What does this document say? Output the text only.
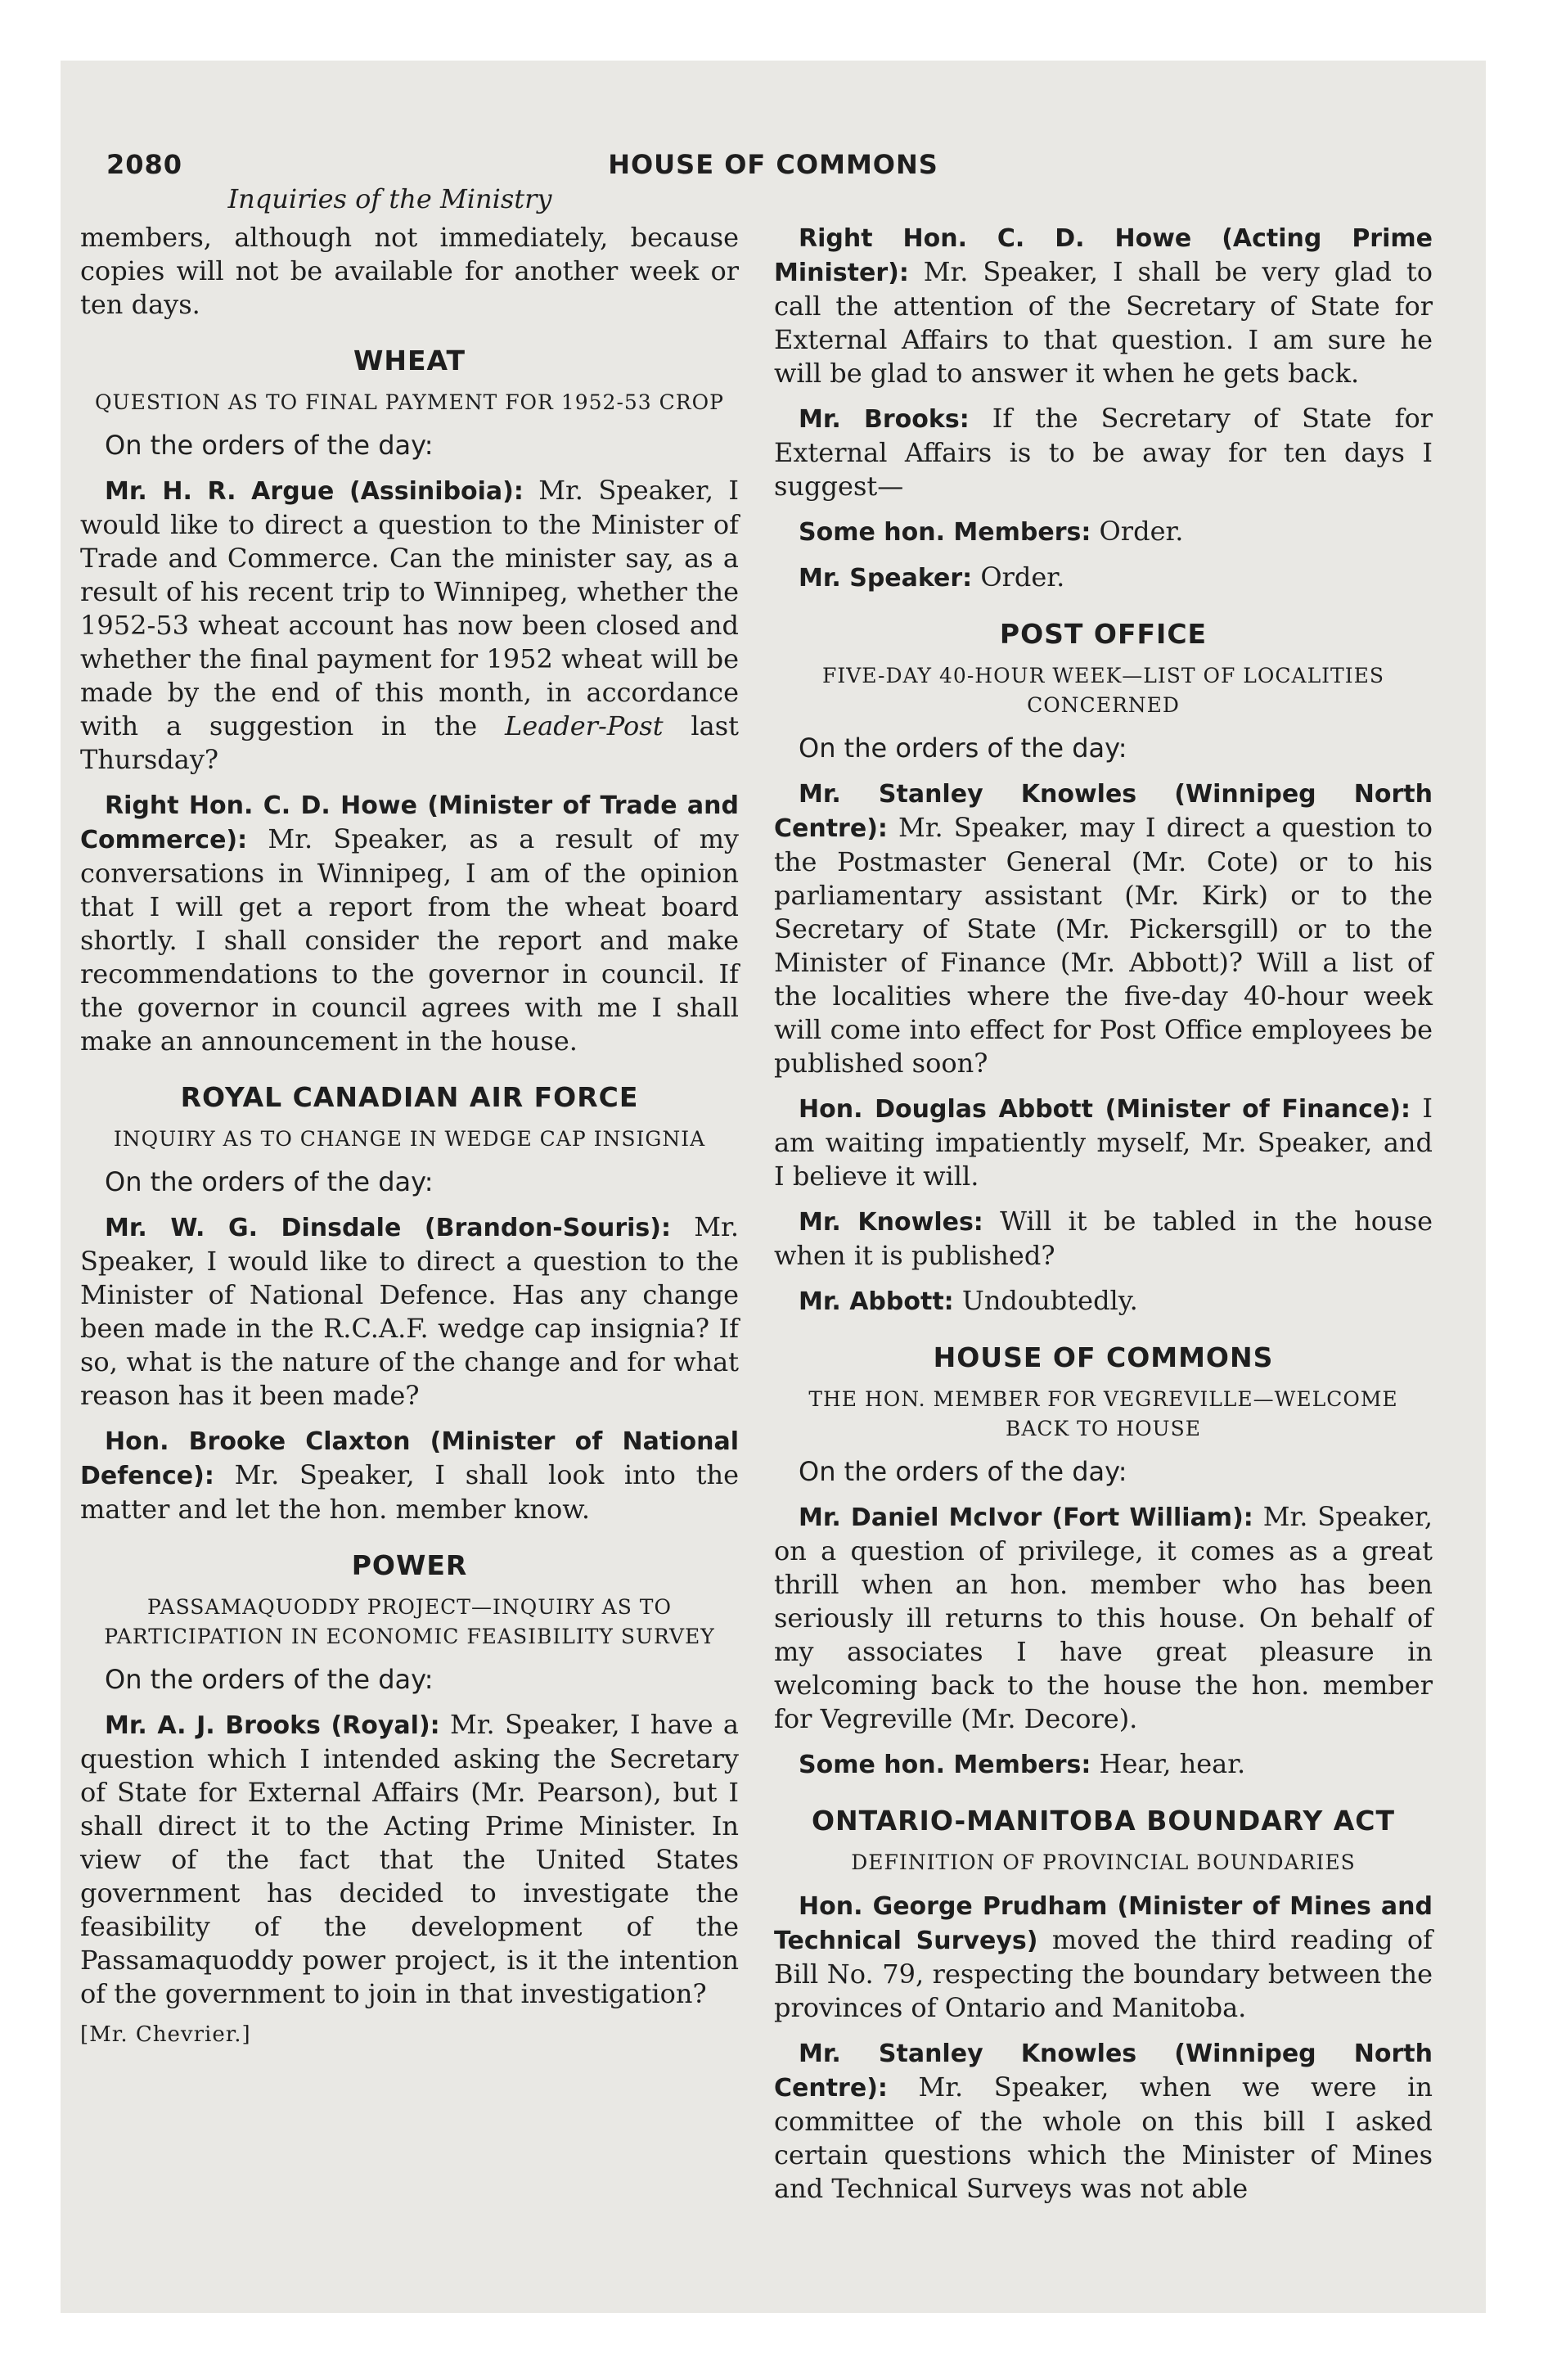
2080	HOUSE OF COMMONS
Inquiries of the Ministry

members, although not immediately, because copies will not be available for another week or ten days.

WHEAT
QUESTION AS TO FINAL PAYMENT FOR 1952-53 CROP
On the orders of the day:

Mr. H. R. Argue (Assiniboia): Mr. Speaker, I would like to direct a question to the Minister of Trade and Commerce. Can the minister say, as a result of his recent trip to Winnipeg, whether the 1952-53 wheat account has now been closed and whether the final payment for 1952 wheat will be made by the end of this month, in accordance with a suggestion in the Leader-Post last Thursday?

Right Hon. C. D. Howe (Minister of Trade and Commerce): Mr. Speaker, as a result of my conversations in Winnipeg, I am of the opinion that I will get a report from the wheat board shortly. I shall consider the report and make recommendations to the governor in council. If the governor in council agrees with me I shall make an announcement in the house.

ROYAL CANADIAN AIR FORCE
INQUIRY AS TO CHANGE IN WEDGE CAP INSIGNIA
On the orders of the day:

Mr. W. G. Dinsdale (Brandon-Souris): Mr. Speaker, I would like to direct a question to the Minister of National Defence. Has any change been made in the R.C.A.F. wedge cap insignia? If so, what is the nature of the change and for what reason has it been made?

Hon. Brooke Claxton (Minister of National Defence): Mr. Speaker, I shall look into the matter and let the hon. member know.

POWER
PASSAMAQUODDY PROJECT—INQUIRY AS TO PARTICIPATION IN ECONOMIC FEASIBILITY SURVEY
On the orders of the day:

Mr. A. J. Brooks (Royal): Mr. Speaker, I have a question which I intended asking the Secretary of State for External Affairs (Mr. Pearson), but I shall direct it to the Acting Prime Minister. In view of the fact that the United States government has decided to investigate the feasibility of the development of the Passamaquoddy power project, is it the intention of the government to join in that investigation?

[Mr. Chevrier.]

Right Hon. C. D. Howe (Acting Prime Minister): Mr. Speaker, I shall be very glad to call the attention of the Secretary of State for External Affairs to that question. I am sure he will be glad to answer it when he gets back.

Mr. Brooks: If the Secretary of State for External Affairs is to be away for ten days I suggest—

Some hon. Members: Order.

Mr. Speaker: Order.

POST OFFICE
FIVE-DAY 40-HOUR WEEK—LIST OF LOCALITIES CONCERNED
On the orders of the day:

Mr. Stanley Knowles (Winnipeg North Centre): Mr. Speaker, may I direct a question to the Postmaster General (Mr. Cote) or to his parliamentary assistant (Mr. Kirk) or to the Secretary of State (Mr. Pickersgill) or to the Minister of Finance (Mr. Abbott)? Will a list of the localities where the five-day 40-hour week will come into effect for Post Office employees be published soon?

Hon. Douglas Abbott (Minister of Finance): I am waiting impatiently myself, Mr. Speaker, and I believe it will.

Mr. Knowles: Will it be tabled in the house when it is published?

Mr. Abbott: Undoubtedly.

HOUSE OF COMMONS
THE HON. MEMBER FOR VEGREVILLE—WELCOME BACK TO HOUSE
On the orders of the day:

Mr. Daniel McIvor (Fort William): Mr. Speaker, on a question of privilege, it comes as a great thrill when an hon. member who has been seriously ill returns to this house. On behalf of my associates I have great pleasure in welcoming back to the house the hon. member for Vegreville (Mr. Decore).

Some hon. Members: Hear, hear.

ONTARIO-MANITOBA BOUNDARY ACT
DEFINITION OF PROVINCIAL BOUNDARIES

Hon. George Prudham (Minister of Mines and Technical Surveys) moved the third reading of Bill No. 79, respecting the boundary between the provinces of Ontario and Manitoba.

Mr. Stanley Knowles (Winnipeg North Centre): Mr. Speaker, when we were in committee of the whole on this bill I asked certain questions which the Minister of Mines and Technical Surveys was not able
